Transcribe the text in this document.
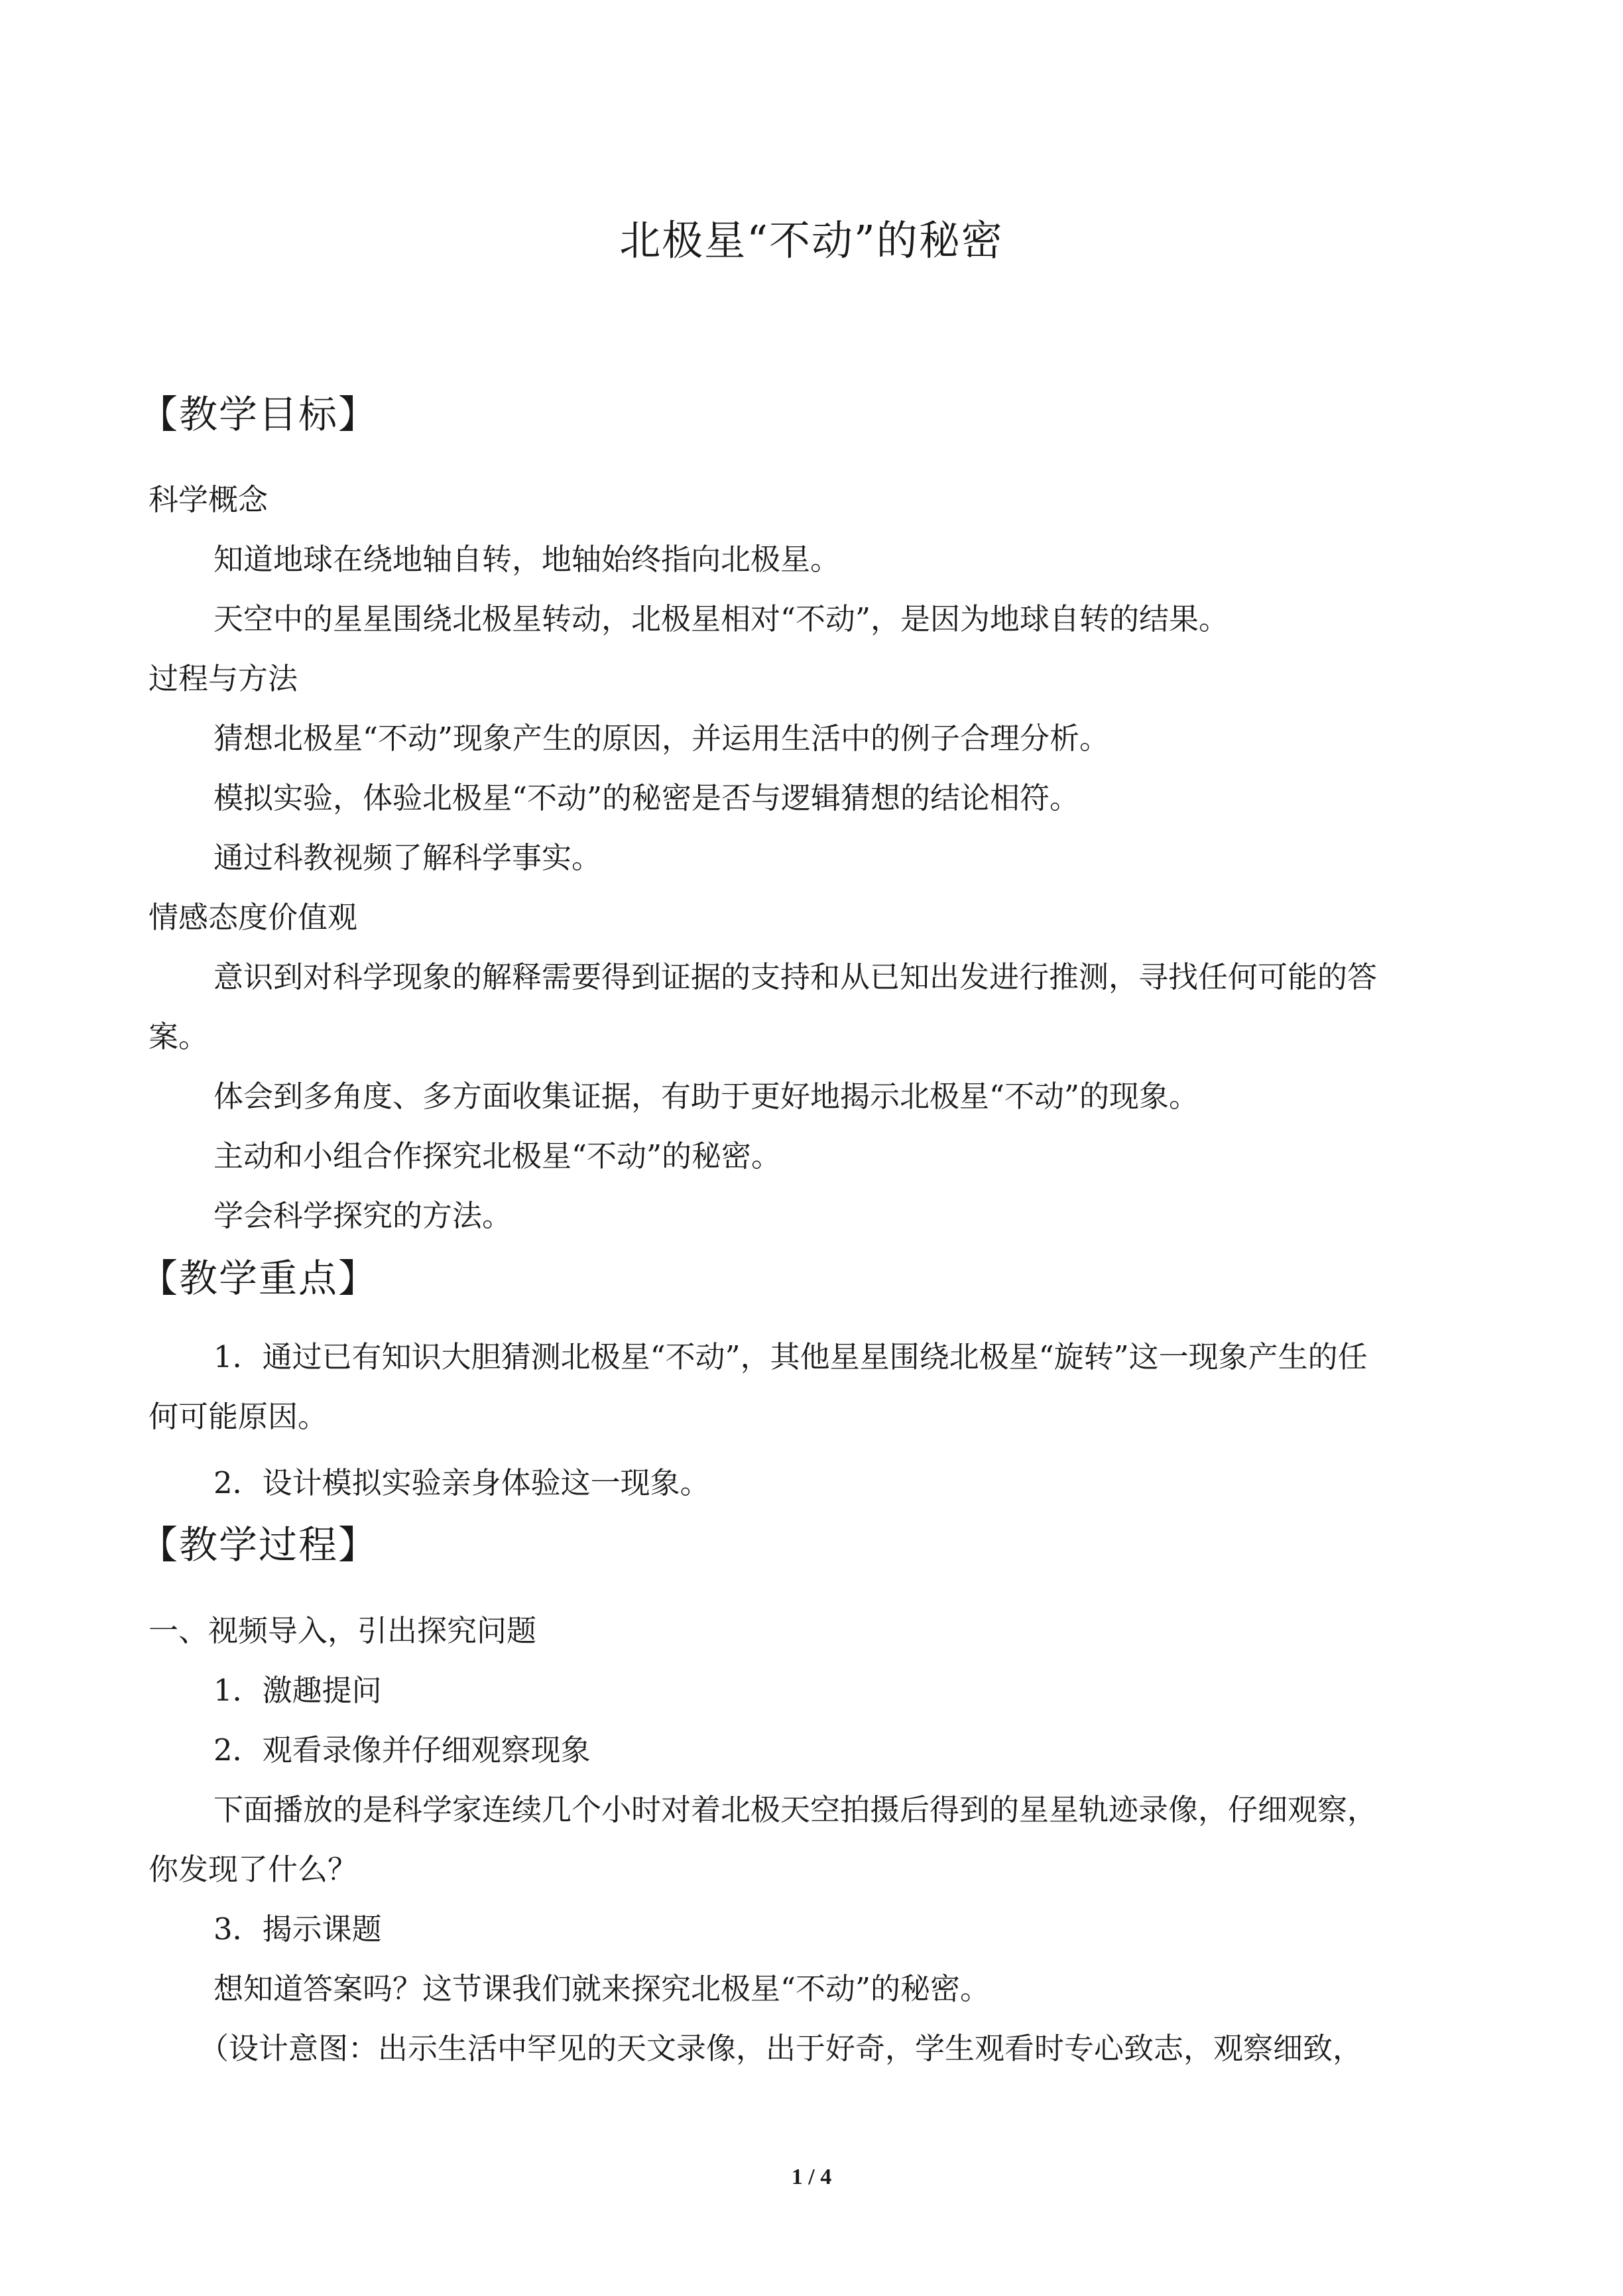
北极星“不动”的秘密
【教学目标】
科学概念
知道地球在绕地轴自转，地轴始终指向北极星。
天空中的星星围绕北极星转动，北极星相对“不动”，是因为地球自转的结果。
过程与方法
猜想北极星“不动”现象产生的原因，并运用生活中的例子合理分析。
模拟实验，体验北极星“不动”的秘密是否与逻辑猜想的结论相符。
通过科教视频了解科学事实。
情感态度价值观
意识到对科学现象的解释需要得到证据的支持和从已知出发进行推测，寻找任何可能的答
案。
体会到多角度、多方面收集证据，有助于更好地揭示北极星“不动”的现象。
主动和小组合作探究北极星“不动”的秘密。
学会科学探究的方法。
【教学重点】
1．通过已有知识大胆猜测北极星“不动”，其他星星围绕北极星“旋转”这一现象产生的任
何可能原因。
2．设计模拟实验亲身体验这一现象。
【教学过程】
一、视频导入，引出探究问题
1．激趣提问
2．观看录像并仔细观察现象
下面播放的是科学家连续几个小时对着北极天空拍摄后得到的星星轨迹录像，仔细观察，
你发现了什么？
3．揭示课题
想知道答案吗？这节课我们就来探究北极星“不动”的秘密。
（设计意图：出示生活中罕见的天文录像，出于好奇，学生观看时专心致志，观察细致，
1 / 4
